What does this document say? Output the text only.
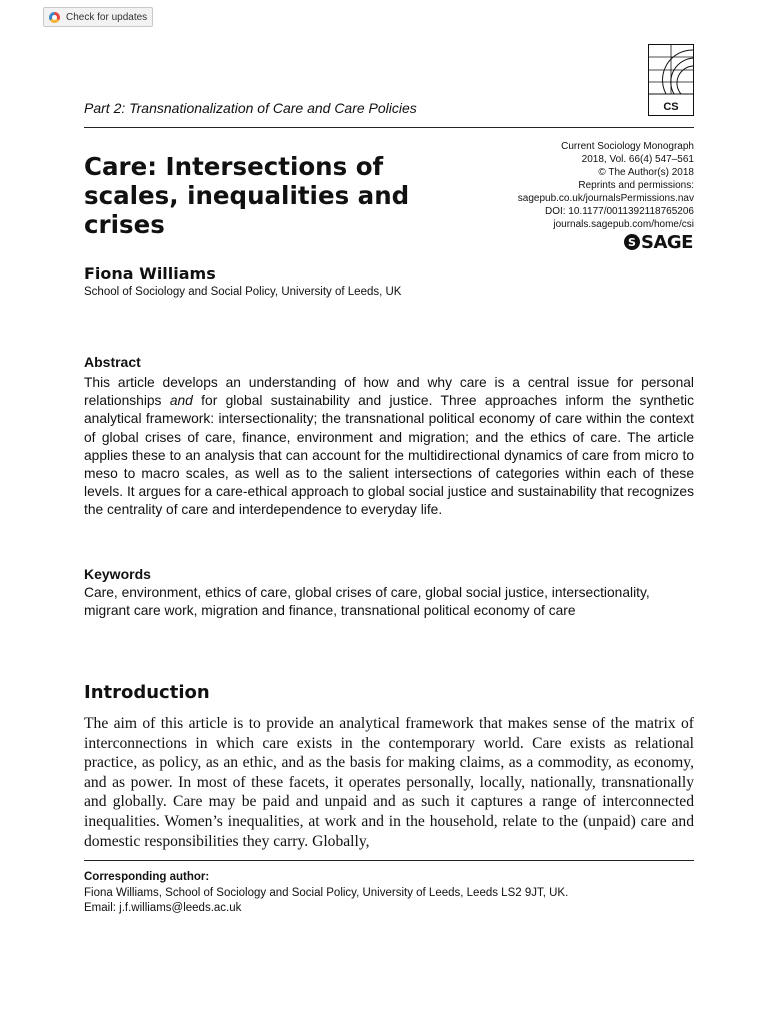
Check for updates
CS
Part 2: Transnationalization of Care and Care Policies
Care: Intersections of scales, inequalities and crises
Current Sociology Monograph
2018, Vol. 66(4) 547–561
© The Author(s) 2018
Reprints and permissions:
sagepub.co.uk/journalsPermissions.nav
DOI: 10.1177/0011392118765206
journals.sagepub.com/home/csi
S SAGE
Fiona Williams
School of Sociology and Social Policy, University of Leeds, UK
Abstract

This article develops an understanding of how and why care is a central issue for personal relationships and for global sustainability and justice. Three approaches inform the synthetic analytical framework: intersectionality; the transnational political economy of care within the context of global crises of care, finance, environment and migration; and the ethics of care. The article applies these to an analysis that can account for the multidirectional dynamics of care from micro to meso to macro scales, as well as to the salient intersections of categories within each of these levels. It argues for a care-ethical approach to global social justice and sustainability that recognizes the centrality of care and interdependence to everyday life.

Keywords

Care, environment, ethics of care, global crises of care, global social justice, intersectionality, migrant care work, migration and finance, transnational political economy of care

Introduction

The aim of this article is to provide an analytical framework that makes sense of the matrix of interconnections in which care exists in the contemporary world. Care exists as relational practice, as policy, as an ethic, and as the basis for making claims, as a commodity, as economy, and as power. In most of these facets, it operates personally, locally, nationally, transnationally and globally. Care may be paid and unpaid and as such it captures a range of interconnected inequalities. Women’s inequalities, at work and in the household, relate to the (unpaid) care and domestic responsibilities they carry. Globally,

Corresponding author:
Fiona Williams, School of Sociology and Social Policy, University of Leeds, Leeds LS2 9JT, UK.
Email: j.f.williams@leeds.ac.uk
